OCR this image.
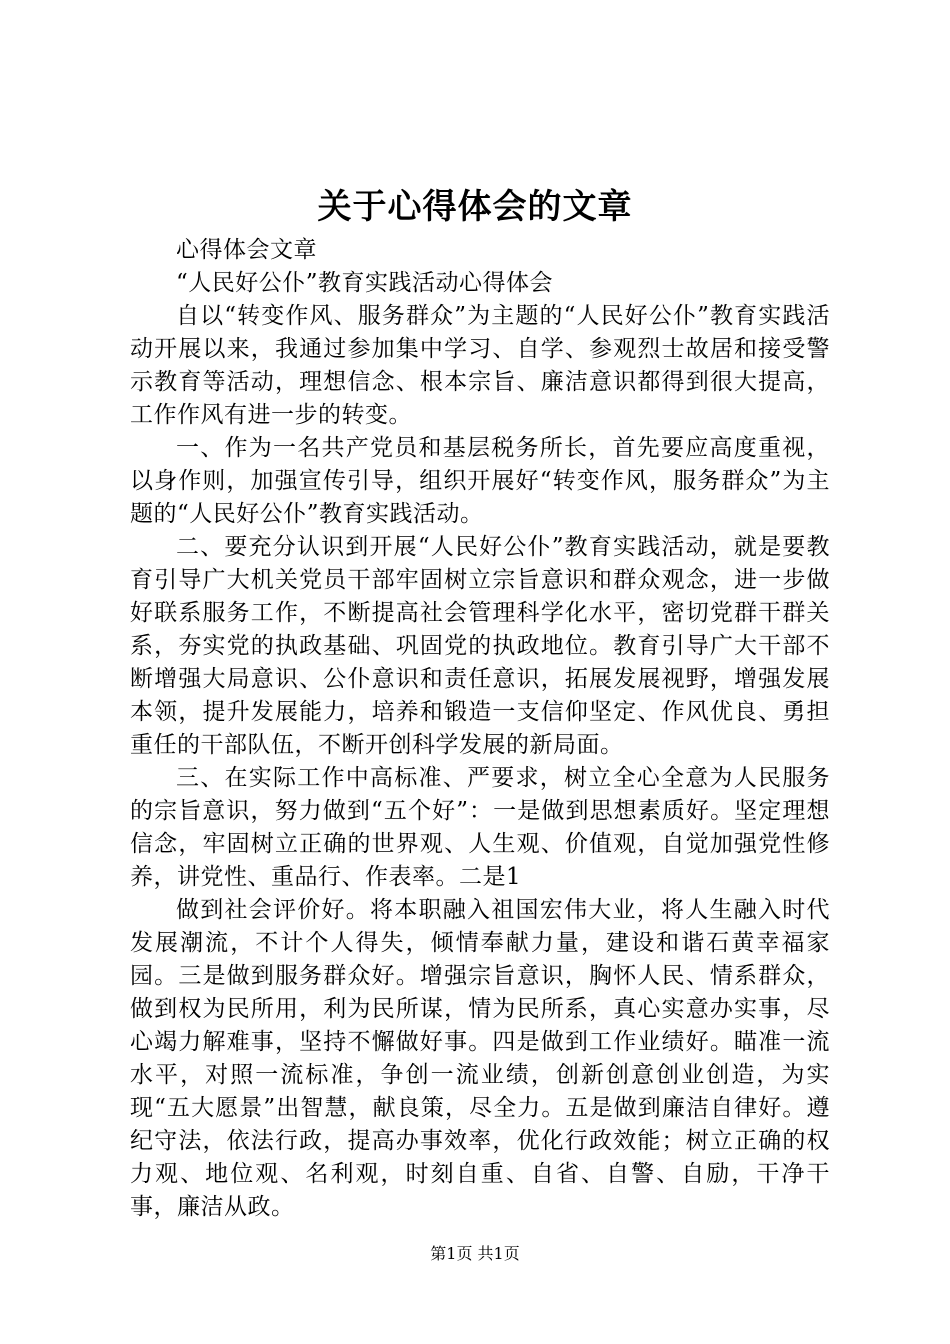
关于心得体会的文章

心得体会文章

“人民好公仆”教育实践活动心得体会

自以“转变作风、服务群众”为主题的“人民好公仆”教育实践活动开展以来，我通过参加集中学习、自学、参观烈士故居和接受警示教育等活动，理想信念、根本宗旨、廉洁意识都得到很大提高，工作作风有进一步的转变。

一、作为一名共产党员和基层税务所长，首先要应高度重视，以身作则，加强宣传引导，组织开展好“转变作风，服务群众”为主题的“人民好公仆”教育实践活动。

二、要充分认识到开展“人民好公仆”教育实践活动，就是要教育引导广大机关党员干部牢固树立宗旨意识和群众观念，进一步做好联系服务工作，不断提高社会管理科学化水平，密切党群干群关系，夯实党的执政基础、巩固党的执政地位。教育引导广大干部不断增强大局意识、公仆意识和责任意识，拓展发展视野，增强发展本领，提升发展能力，培养和锻造一支信仰坚定、作风优良、勇担重任的干部队伍，不断开创科学发展的新局面。

三、在实际工作中高标准、严要求，树立全心全意为人民服务的宗旨意识，努力做到“五个好”：一是做到思想素质好。坚定理想信念，牢固树立正确的世界观、人生观、价值观，自觉加强党性修养，讲党性、重品行、作表率。二是1

做到社会评价好。将本职融入祖国宏伟大业，将人生融入时代发展潮流，不计个人得失，倾情奉献力量，建设和谐石黄幸福家园。三是做到服务群众好。增强宗旨意识，胸怀人民、情系群众，做到权为民所用，利为民所谋，情为民所系，真心实意办实事，尽心竭力解难事，坚持不懈做好事。四是做到工作业绩好。瞄准一流水平，对照一流标准，争创一流业绩，创新创意创业创造，为实现“五大愿景”出智慧，献良策，尽全力。五是做到廉洁自律好。遵纪守法，依法行政，提高办事效率，优化行政效能；树立正确的权力观、地位观、名利观，时刻自重、自省、自警、自励，干净干事，廉洁从政。

第1页 共1页
